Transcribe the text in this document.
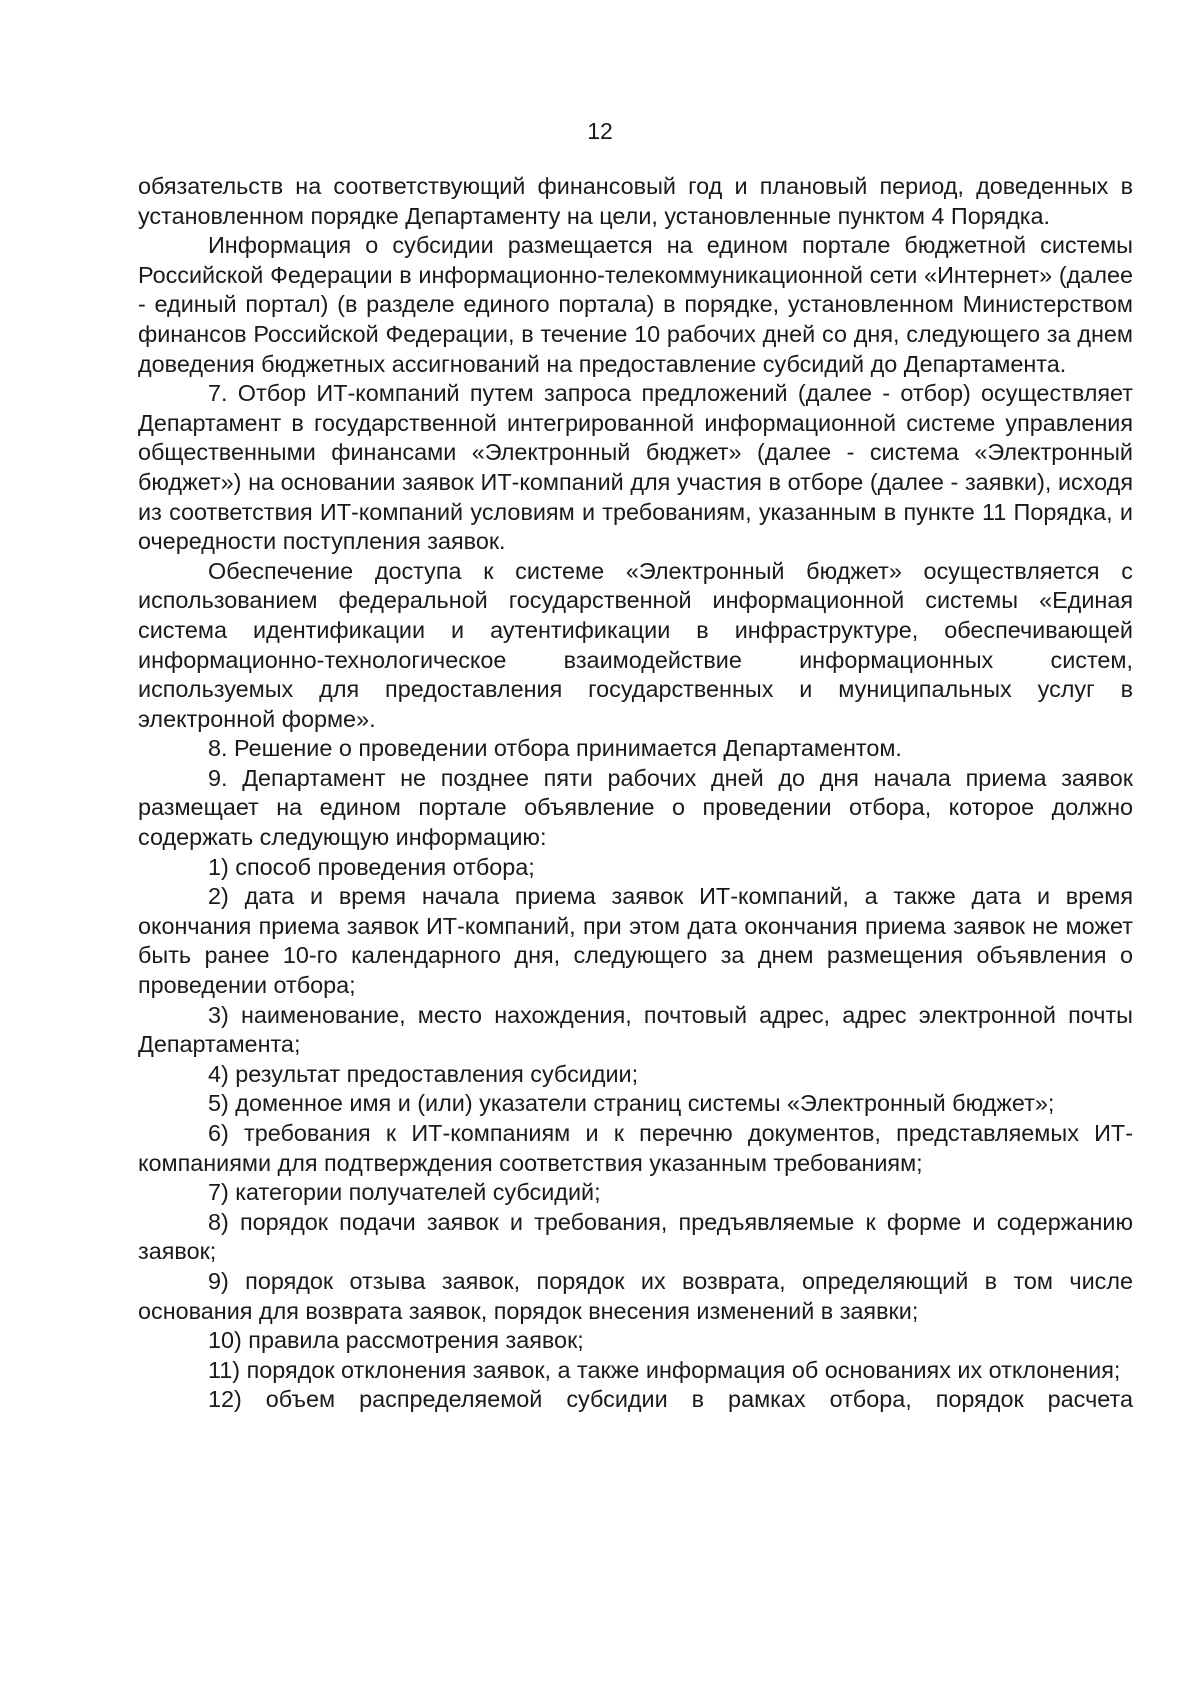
12

обязательств на соответствующий финансовый год и плановый период, доведенных в установленном порядке Департаменту на цели, установленные пунктом 4 Порядка.

Информация о субсидии размещается на едином портале бюджетной системы Российской Федерации в информационно-телекоммуникационной сети «Интернет» (далее - единый портал) (в разделе единого портала) в порядке, установленном Министерством финансов Российской Федерации, в течение 10 рабочих дней со дня, следующего за днем доведения бюджетных ассигнований на предоставление субсидий до Департамента.

7. Отбор ИТ-компаний путем запроса предложений (далее - отбор) осуществляет Департамент в государственной интегрированной информационной системе управления общественными финансами «Электронный бюджет» (далее - система «Электронный бюджет») на основании заявок ИТ-компаний для участия в отборе (далее - заявки), исходя из соответствия ИТ-компаний условиям и требованиям, указанным в пункте 11 Порядка, и очередности поступления заявок.

Обеспечение доступа к системе «Электронный бюджет» осуществляется с использованием федеральной государственной информационной системы «Единая система идентификации и аутентификации в инфраструктуре, обеспечивающей информационно-технологическое взаимодействие информационных систем, используемых для предоставления государственных и муниципальных услуг в электронной форме».

8. Решение о проведении отбора принимается Департаментом.

9. Департамент не позднее пяти рабочих дней до дня начала приема заявок размещает на едином портале объявление о проведении отбора, которое должно содержать следующую информацию:

1) способ проведения отбора;

2) дата и время начала приема заявок ИТ-компаний, а также дата и время окончания приема заявок ИТ-компаний, при этом дата окончания приема заявок не может быть ранее 10-го календарного дня, следующего за днем размещения объявления о проведении отбора;

3) наименование, место нахождения, почтовый адрес, адрес электронной почты Департамента;

4) результат предоставления субсидии;

5) доменное имя и (или) указатели страниц системы «Электронный бюджет»;

6) требования к ИТ-компаниям и к перечню документов, представляемых ИТ-компаниями для подтверждения соответствия указанным требованиям;

7) категории получателей субсидий;

8) порядок подачи заявок и требования, предъявляемые к форме и содержанию заявок;

9) порядок отзыва заявок, порядок их возврата, определяющий в том числе основания для возврата заявок, порядок внесения изменений в заявки;

10) правила рассмотрения заявок;

11) порядок отклонения заявок, а также информация об основаниях их отклонения;

12) объем распределяемой субсидии в рамках отбора, порядок расчета
